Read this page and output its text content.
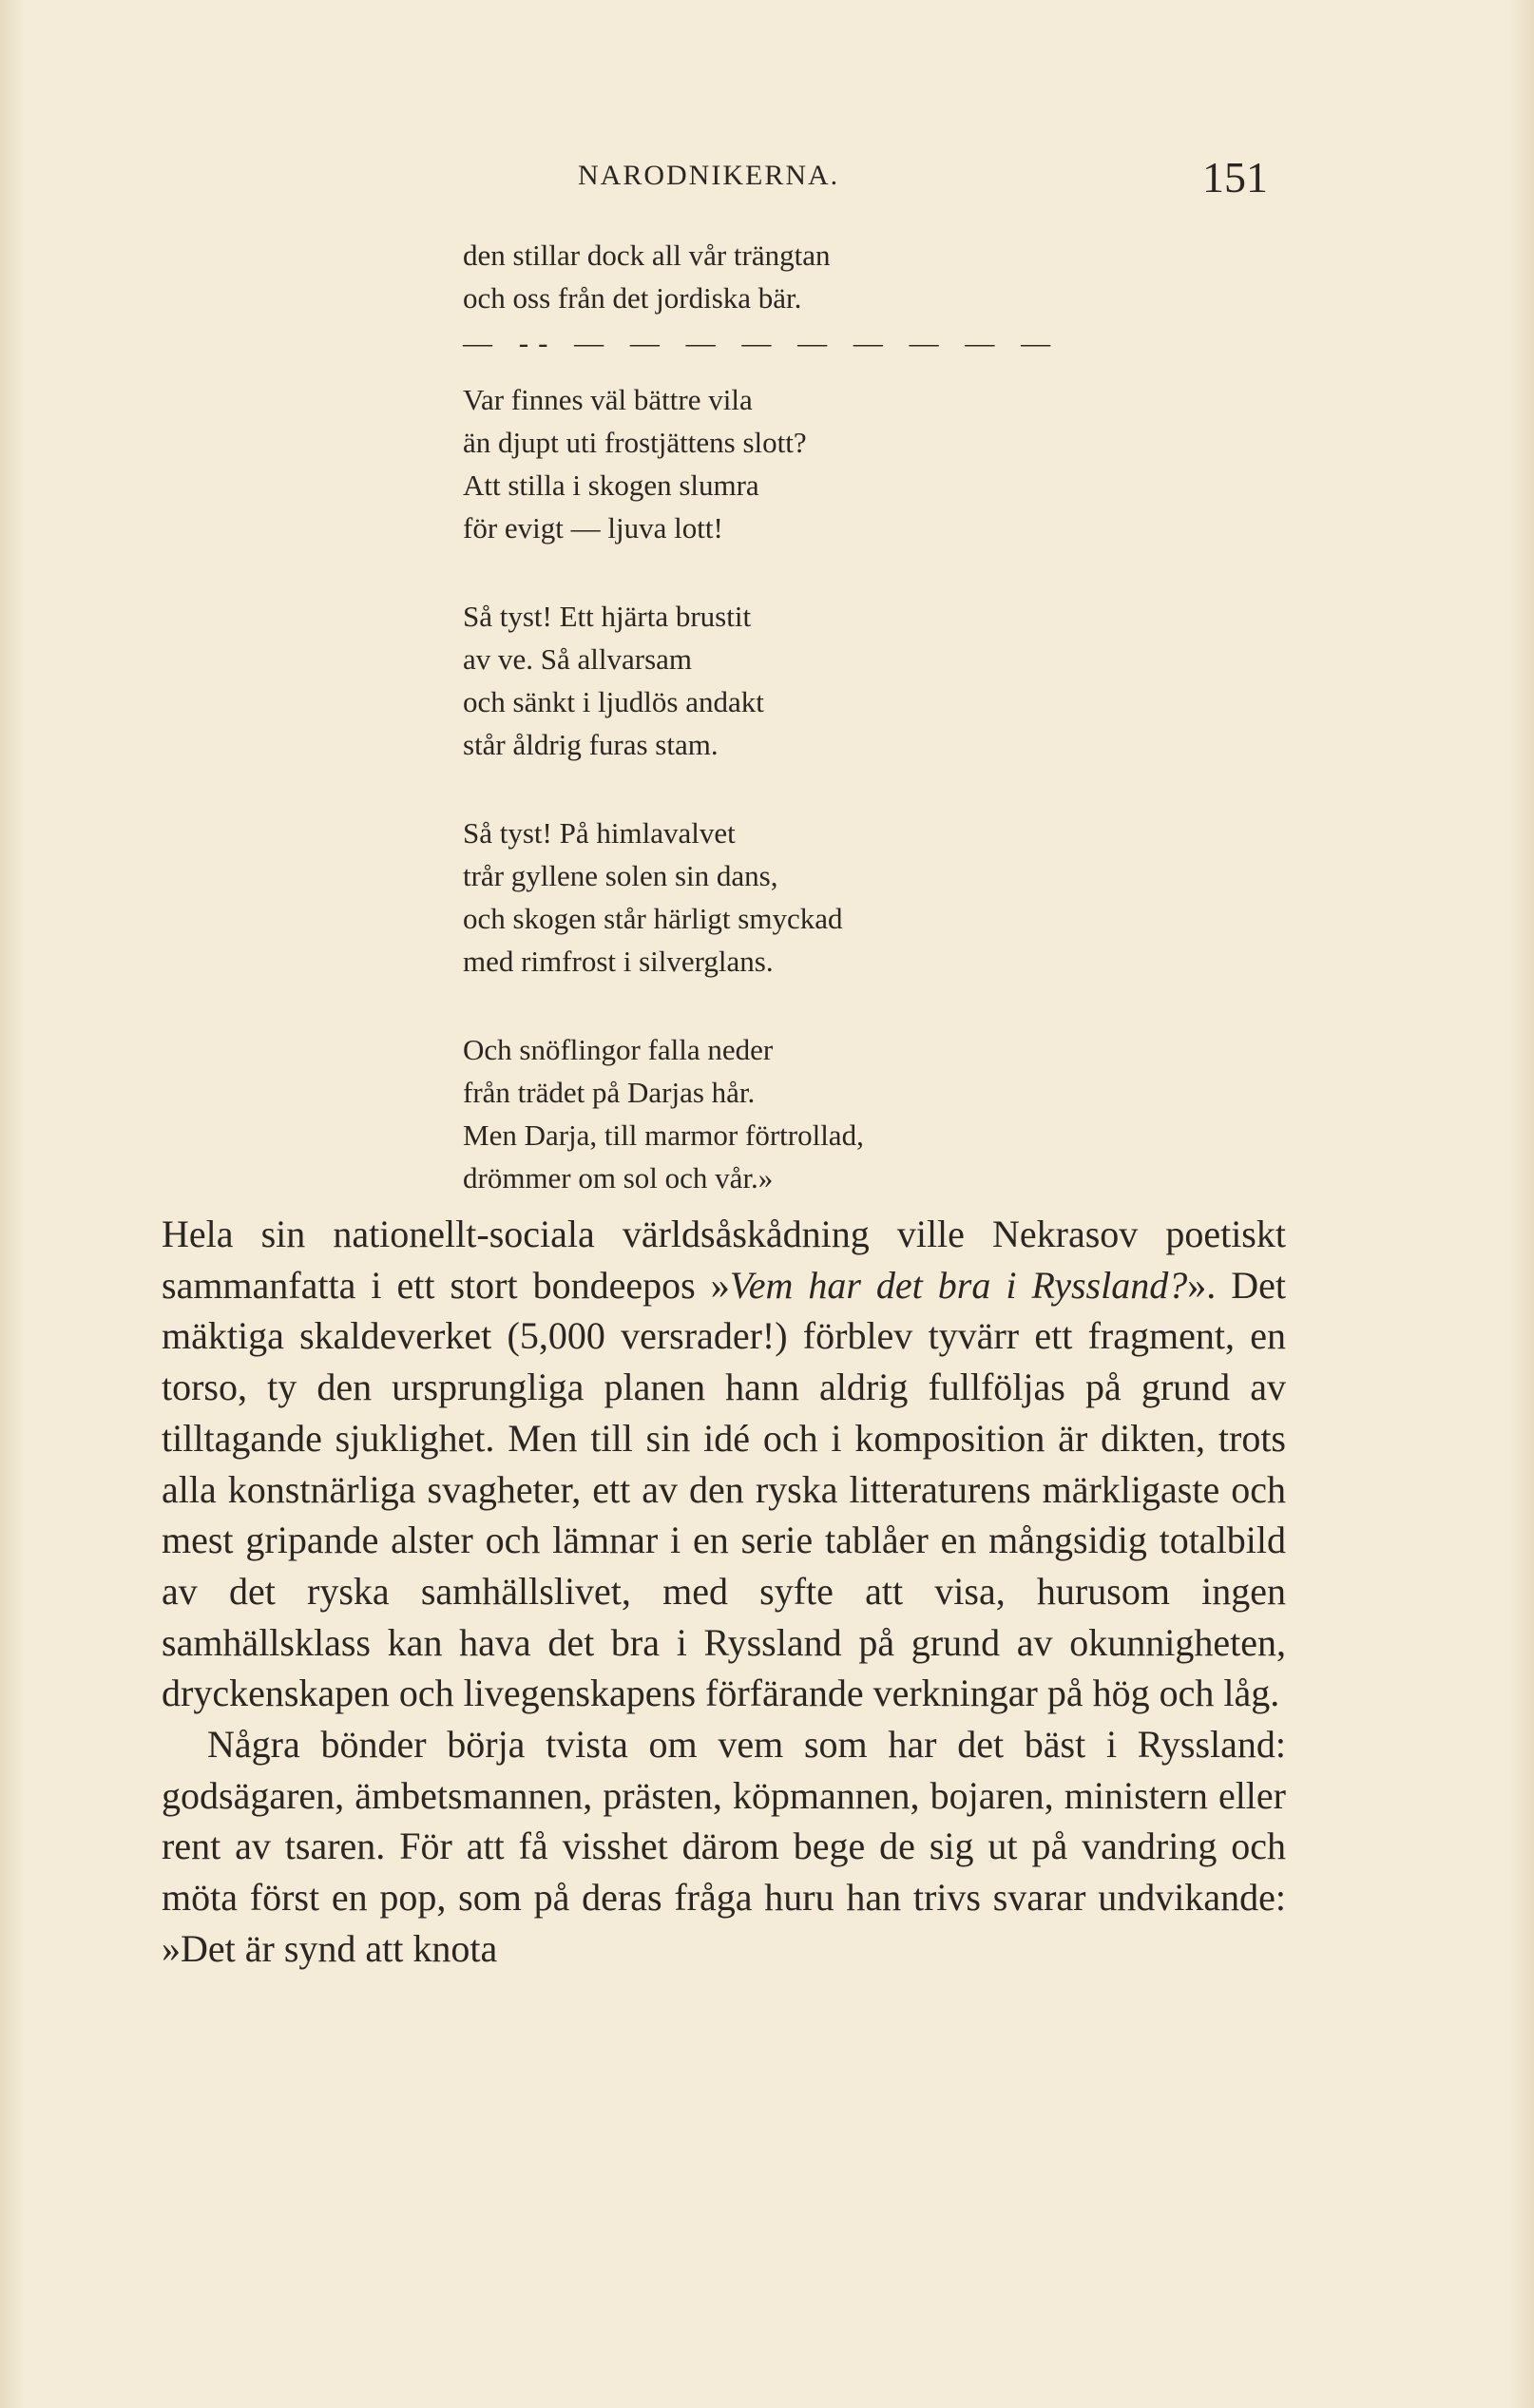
NARODNIKERNA.	151
den stillar dock all vår trängtan
och oss från det jordiska bär.
— -- — — — — — — — — —
Var finnes väl bättre vila
än djupt uti frostjättens slott?
Att stilla i skogen slumra
för evigt — ljuva lott!
Så tyst! Ett hjärta brustit
av ve. Så allvarsam
och sänkt i ljudlös andakt
står åldrig furas stam.
Så tyst! På himlavalvet
trår gyllene solen sin dans,
och skogen står härligt smyckad
med rimfrost i silverglans.
Och snöflingor falla neder
från trädet på Darjas hår.
Men Darja, till marmor förtrollad,
drömmer om sol och vår.»

Hela sin nationellt-sociala världsåskådning ville Nekrasov poetiskt sammanfatta i ett stort bondeepos »Vem har det bra i Ryssland?». Det mäktiga skaldeverket (5,000 versrader!) förblev tyvärr ett fragment, en torso, ty den ursprungliga planen hann aldrig fullföljas på grund av tilltagande sjuklighet. Men till sin idé och i komposition är dikten, trots alla konstnärliga svagheter, ett av den ryska litteraturens märkligaste och mest gripande alster och lämnar i en serie tablåer en mångsidig totalbild av det ryska samhällslivet, med syfte att visa, hurusom ingen samhällsklass kan hava det bra i Ryssland på grund av okunnigheten, dryckenskapen och livegenskapens förfärande verkningar på hög och låg.

Några bönder börja tvista om vem som har det bäst i Ryssland: godsägaren, ämbetsmannen, prästen, köpmannen, bojaren, ministern eller rent av tsaren. För att få visshet därom bege de sig ut på vandring och möta först en pop, som på deras fråga huru han trivs svarar undvikande: »Det är synd att knota
